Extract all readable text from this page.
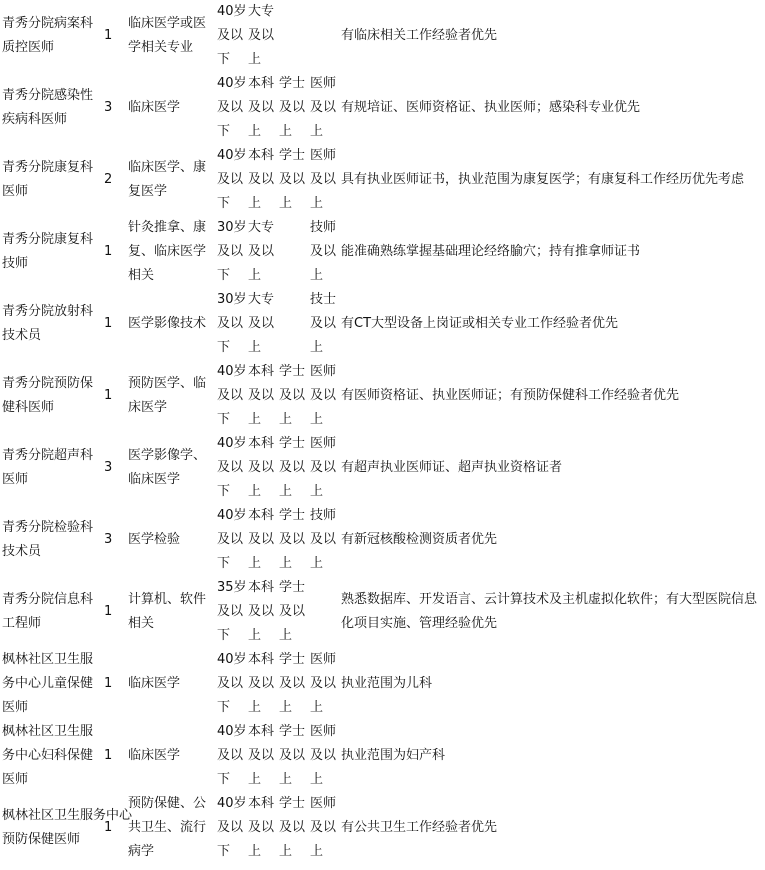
青秀分院病案科质控医师
1
临床医学或医学相关专业
40岁
及以
下
大专
及以
上
有临床相关工作经验者优先
青秀分院感染性疾病科医师
3 临床医学
40岁
及以
下
本科
及以
上
学士
及以
上
医师
及以
上
有规培证、医师资格证、执业医师；感染科专业优先
青秀分院康复科医师
2
临床医学、康复医学
40岁
及以
下
本科
及以
上
学士
及以
上
医师
及以
上
具有执业医师证书，执业范围为康复医学；有康复科工作经历优先考虑
青秀分院康复科技师
1
针灸推拿、康复、临床医学相关
30岁
及以
下
大专
及以
上
技师
及以
上
能准确熟练掌握基础理论经络腧穴；持有推拿师证书
青秀分院放射科技术员
1 医学影像技术
30岁
及以
下
大专
及以
上
技士
及以
上
有CT大型设备上岗证或相关专业工作经验者优先
青秀分院预防保健科医师
1
预防医学、临床医学
40岁
及以
下
本科
及以
上
学士
及以
上
医师
及以
上
有医师资格证、执业医师证；有预防保健科工作经验者优先
青秀分院超声科医师
3
医学影像学、临床医学
40岁
及以
下
本科
及以
上
学士
及以
上
医师
及以
上
有超声执业医师证、超声执业资格证者
青秀分院检验科技术员
3 医学检验
40岁
及以
下
本科
及以
上
学士
及以
上
技师
及以
上
有新冠核酸检测资质者优先
青秀分院信息科工程师
1
计算机、软件相关
35岁
及以
下
本科
及以
上
学士
及以
上
熟悉数据库、开发语言、云计算技术及主机虚拟化软件；有大型医院信息化项目实施、管理经验优先
枫林社区卫生服务中心儿童保健医师
1 临床医学
40岁
及以
下
本科
及以
上
学士
及以
上
医师
及以
上
执业范围为儿科
枫林社区卫生服务中心妇科保健医师
1 临床医学
40岁
及以
下
本科
及以
上
学士
及以
上
医师
及以
上
执业范围为妇产科
枫林社区卫生服务中心
预防保健医师
1
预防保健、公共卫生、流行病学
40岁
及以
下
本科
及以
上
学士
及以
上
医师
及以
上
有公共卫生工作经验者优先
